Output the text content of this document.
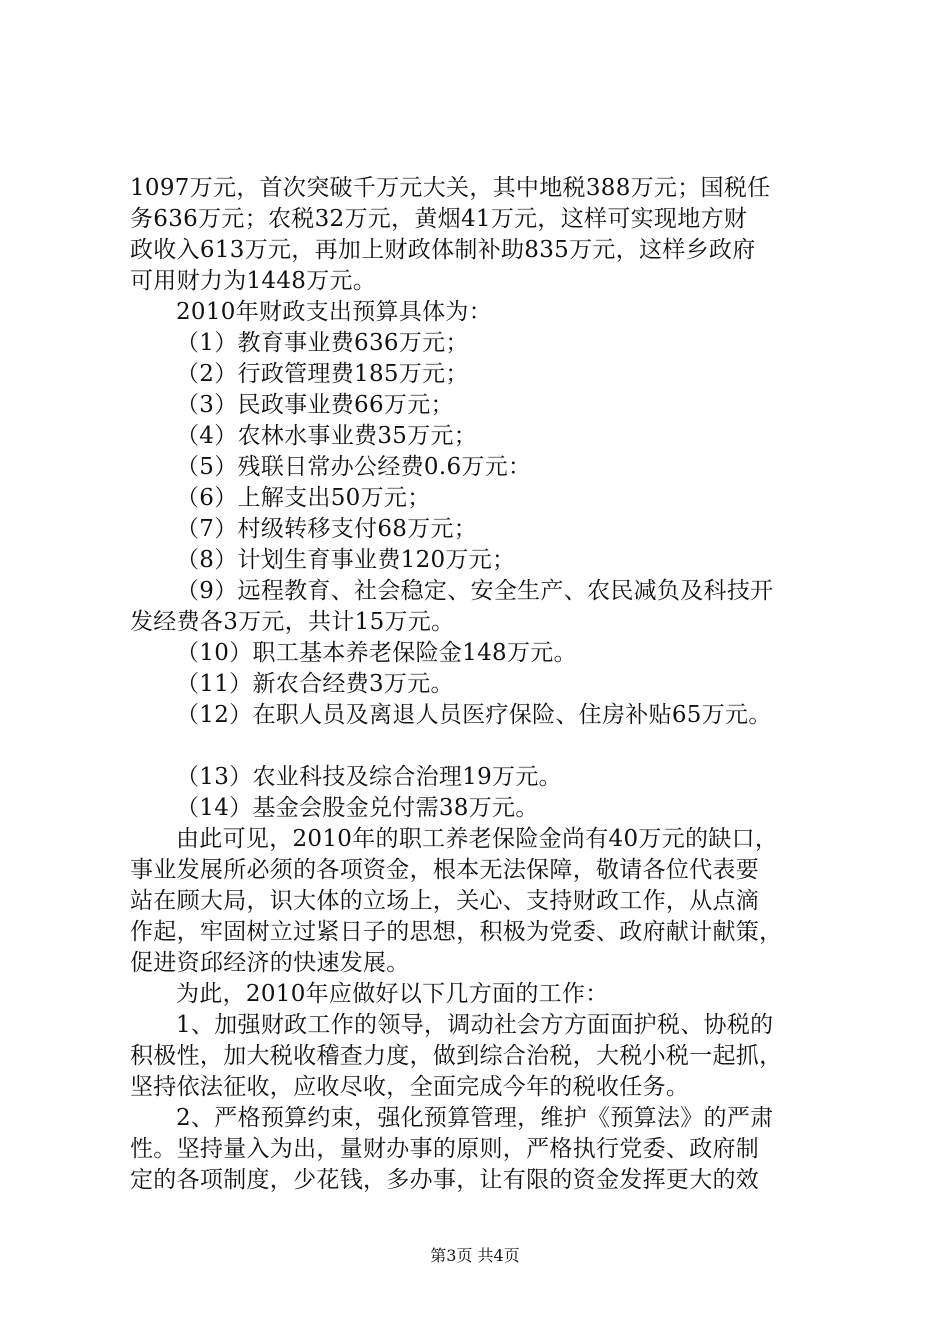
1097万元，首次突破千万元大关，其中地税388万元；国税任
务636万元；农税32万元，黄烟41万元，这样可实现地方财
政收入613万元，再加上财政体制补助835万元，这样乡政府
可用财力为1448万元。
2010年财政支出预算具体为：
（1）教育事业费636万元；
（2）行政管理费185万元；
（3）民政事业费66万元；
（4）农林水事业费35万元；
（5）残联日常办公经费0.6万元：
（6）上解支出50万元；
（7）村级转移支付68万元；
（8）计划生育事业费120万元；
（9）远程教育、社会稳定、安全生产、农民减负及科技开
发经费各3万元，共计15万元。
（10）职工基本养老保险金148万元。
（11）新农合经费3万元。
（12）在职人员及离退人员医疗保险、住房补贴65万元。
（13）农业科技及综合治理19万元。
（14）基金会股金兑付需38万元。
由此可见，2010年的职工养老保险金尚有40万元的缺口，
事业发展所必须的各项资金，根本无法保障，敬请各位代表要
站在顾大局，识大体的立场上，关心、支持财政工作，从点滴
作起，牢固树立过紧日子的思想，积极为党委、政府献计献策，
促进资邱经济的快速发展。
为此，2010年应做好以下几方面的工作：
1、加强财政工作的领导，调动社会方方面面护税、协税的
积极性，加大税收稽查力度，做到综合治税，大税小税一起抓，
坚持依法征收，应收尽收，全面完成今年的税收任务。
2、严格预算约束，强化预算管理，维护《预算法》的严肃
性。坚持量入为出，量财办事的原则，严格执行党委、政府制
定的各项制度，少花钱，多办事，让有限的资金发挥更大的效
第3页 共4页
